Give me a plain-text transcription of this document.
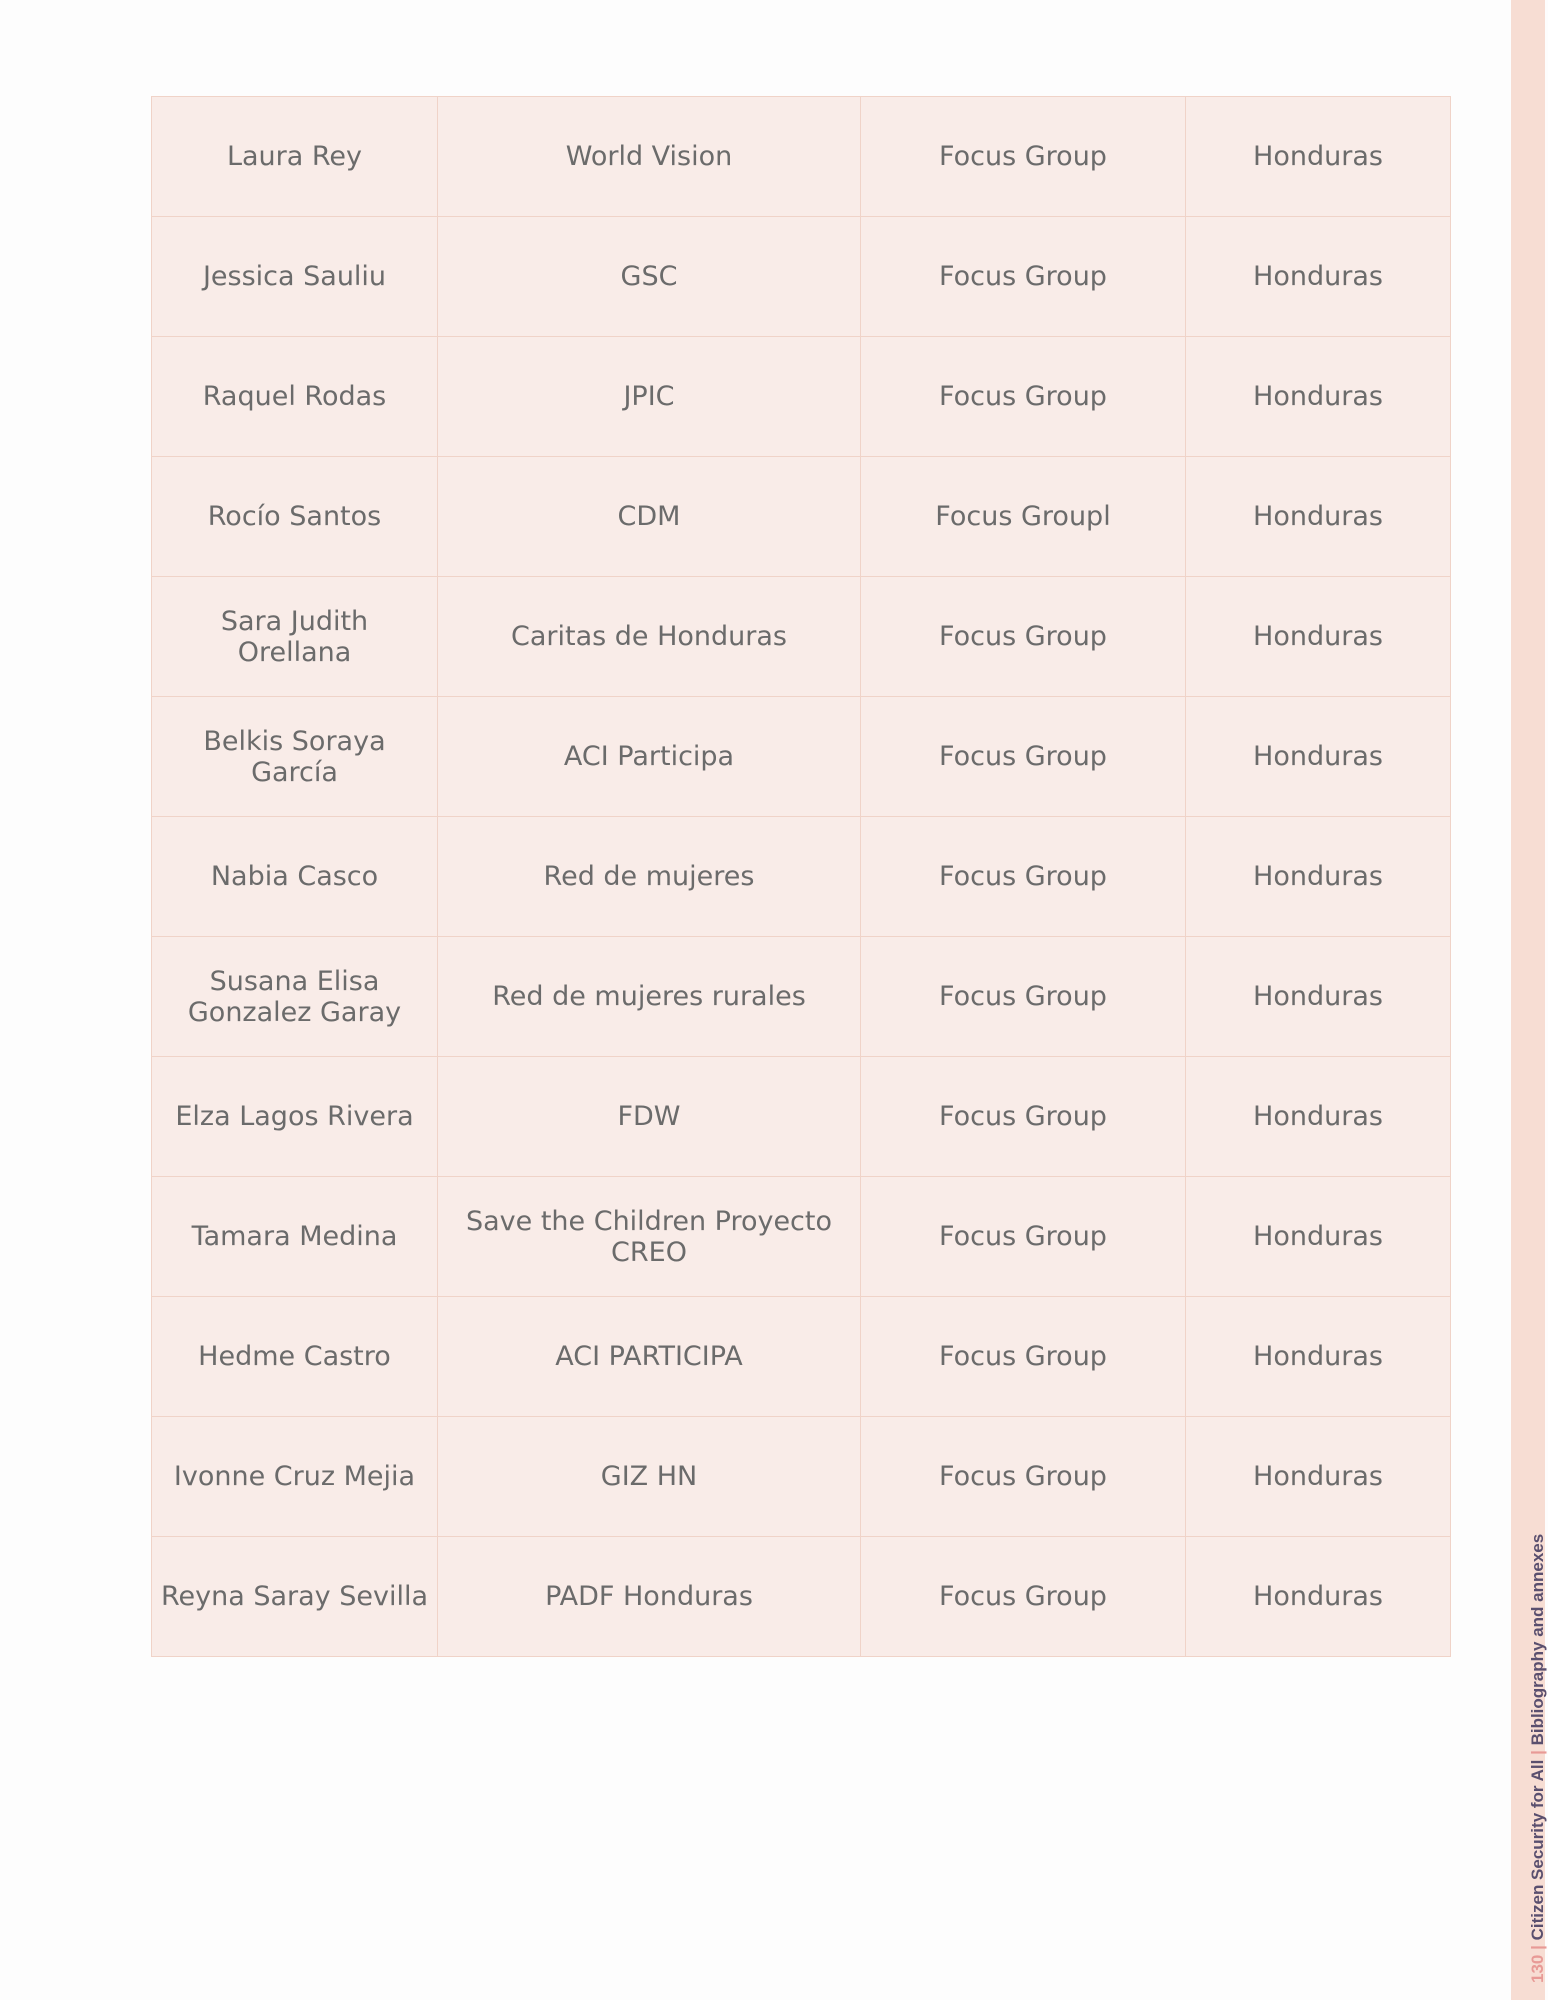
Laura Rey	World Vision	Focus Group	Honduras
Jessica Sauliu	GSC	Focus Group	Honduras
Raquel Rodas	JPIC	Focus Group	Honduras
Rocío Santos	CDM	Focus Groupl	Honduras
Sara Judith Orellana	Caritas de Honduras	Focus Group	Honduras
Belkis Soraya García	ACI Participa	Focus Group	Honduras
Nabia Casco	Red de mujeres	Focus Group	Honduras
Susana Elisa Gonzalez Garay	Red de mujeres rurales	Focus Group	Honduras
Elza Lagos Rivera	FDW	Focus Group	Honduras
Tamara Medina	Save the Children Proyecto CREO	Focus Group	Honduras
Hedme Castro	ACI PARTICIPA	Focus Group	Honduras
Ivonne Cruz Mejia	GIZ HN	Focus Group	Honduras
Reyna Saray Sevilla	PADF Honduras	Focus Group	Honduras
130 | Citizen Security for All | Bibliography and annexes
